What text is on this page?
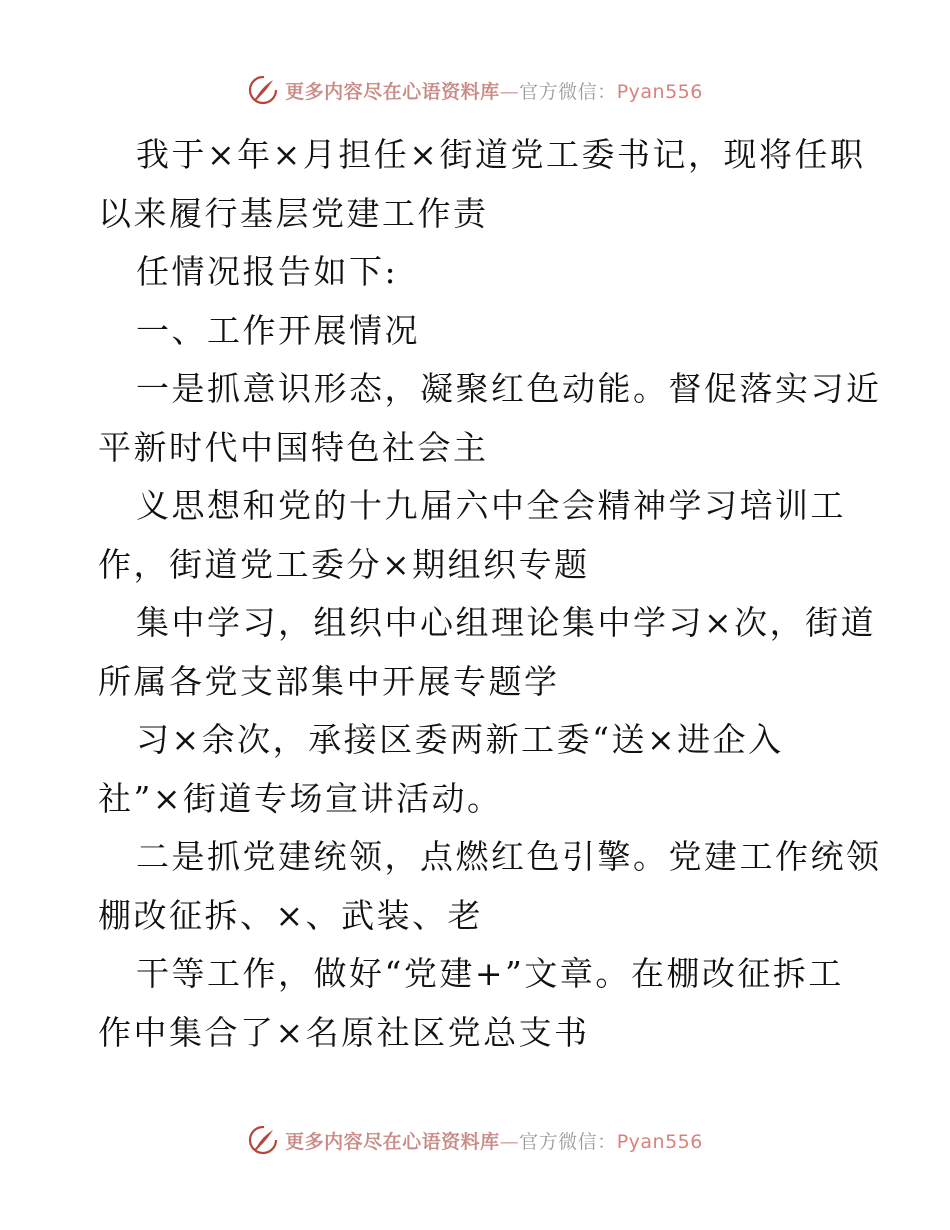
更多内容尽在心语资料库—官方微信：Pyan556
我于×年×月担任×街道党工委书记，现将任职
以来履行基层党建工作责
任情况报告如下:
一、工作开展情况
一是抓意识形态，凝聚红色动能。督促落实习近
平新时代中国特色社会主
义思想和党的十九届六中全会精神学习培训工
作，街道党工委分×期组织专题
集中学习，组织中心组理论集中学习×次，街道
所属各党支部集中开展专题学
习×余次，承接区委两新工委“送×进企入
社”×街道专场宣讲活动。
二是抓党建统领，点燃红色引擎。党建工作统领
棚改征拆、×、武装、老
干等工作，做好“党建+”文章。在棚改征拆工
作中集合了×名原社区党总支书
更多内容尽在心语资料库—官方微信：Pyan556
